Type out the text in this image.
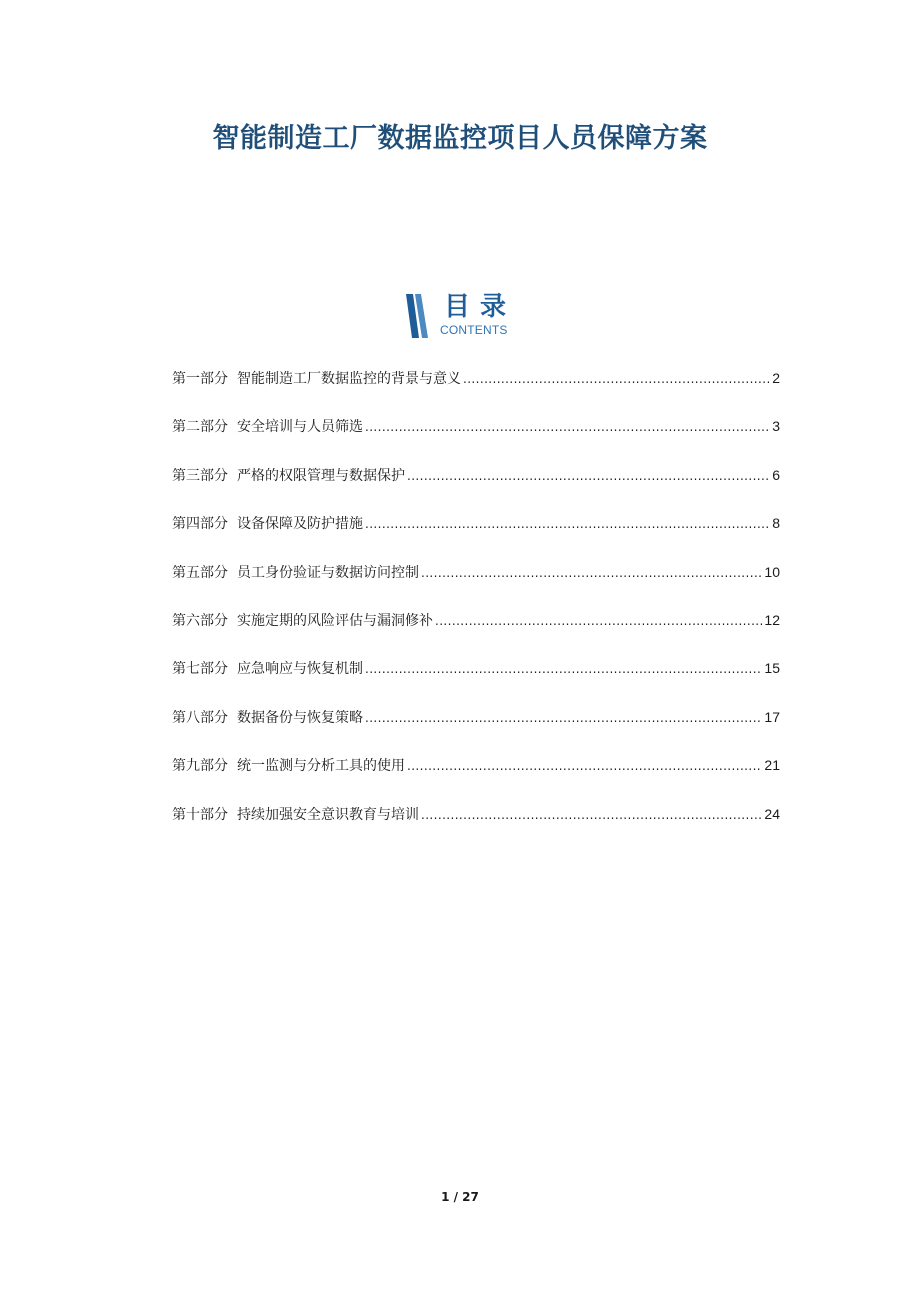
智能制造工厂数据监控项目人员保障方案
目录
CONTENTS
第一部分 智能制造工厂数据监控的背景与意义 .....	2
第二部分 安全培训与人员筛选 .....	3
第三部分 严格的权限管理与数据保护 .....	6
第四部分 设备保障及防护措施 .....	8
第五部分 员工身份验证与数据访问控制 .....	10
第六部分 实施定期的风险评估与漏洞修补 .....	12
第七部分 应急响应与恢复机制 .....	15
第八部分 数据备份与恢复策略 .....	17
第九部分 统一监测与分析工具的使用 .....	21
第十部分 持续加强安全意识教育与培训 .....	24
1 / 27
